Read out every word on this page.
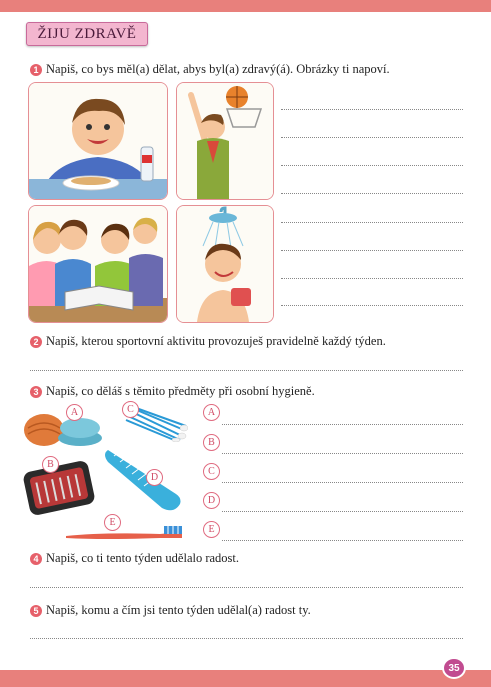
ŽIJU ZDRAVĚ
1 Napiš, co bys měl(a) dělat, abys byl(a) zdravý(á). Obrázky ti napoví.
2 Napiš, kterou sportovní aktivitu provozuješ pravidelně každý týden.
3 Napiš, co děláš s těmito předměty při osobní hygieně.
A	C
B
D
E
A
B
C
D
E
4 Napiš, co ti tento týden udělalo radost.
5 Napiš, komu a čím jsi tento týden udělal(a) radost ty.
35
